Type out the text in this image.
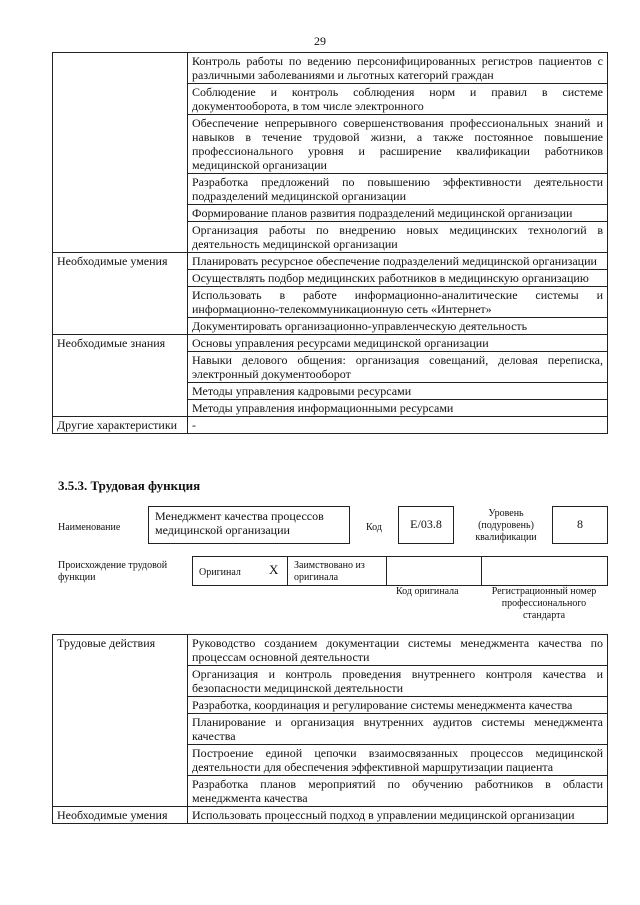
29
	Контроль работы по ведению персонифицированных регистров пациентов с различными заболеваниями и льготных категорий граждан
	Соблюдение и контроль соблюдения норм и правил в системе документооборота, в том числе электронного
	Обеспечение непрерывного совершенствования профессиональных знаний и навыков в течение трудовой жизни, а также постоянное повышение профессионального уровня и расширение квалификации работников медицинской организации
	Разработка предложений по повышению эффективности деятельности подразделений медицинской организации
	Формирование планов развития подразделений медицинской организации
	Организация работы по внедрению новых медицинских технологий в деятельность медицинской организации
Необходимые умения	Планировать ресурсное обеспечение подразделений медицинской организации
	Осуществлять подбор медицинских работников в медицинскую организацию
	Использовать в работе информационно-аналитические системы и информационно-телекоммуникационную сеть «Интернет»
	Документировать организационно-управленческую деятельность
Необходимые знания	Основы управления ресурсами медицинской организации
	Навыки делового общения: организация совещаний, деловая переписка, электронный документооборот
	Методы управления кадровыми ресурсами
	Методы управления информационными ресурсами
Другие характеристики	-
3.5.3. Трудовая функция
Наименование
Менеджмент качества процессов медицинской организации	Код	E/03.8
Уровень (подуровень) квалификации
8
Происхождение трудовой функции	Оригинал X Заимствовано из оригинала
Код оригинала	Регистрационный номер профессионального стандарта
Трудовые действия	Руководство созданием документации системы менеджмента качества по процессам основной деятельности
	Организация и контроль проведения внутреннего контроля качества и безопасности медицинской деятельности
	Разработка, координация и регулирование системы менеджмента качества
	Планирование и организация внутренних аудитов системы менеджмента качества
	Построение единой цепочки взаимосвязанных процессов медицинской деятельности для обеспечения эффективной маршрутизации пациента
	Разработка планов мероприятий по обучению работников в области менеджмента качества
Необходимые умения	Использовать процессный подход в управлении медицинской организации
